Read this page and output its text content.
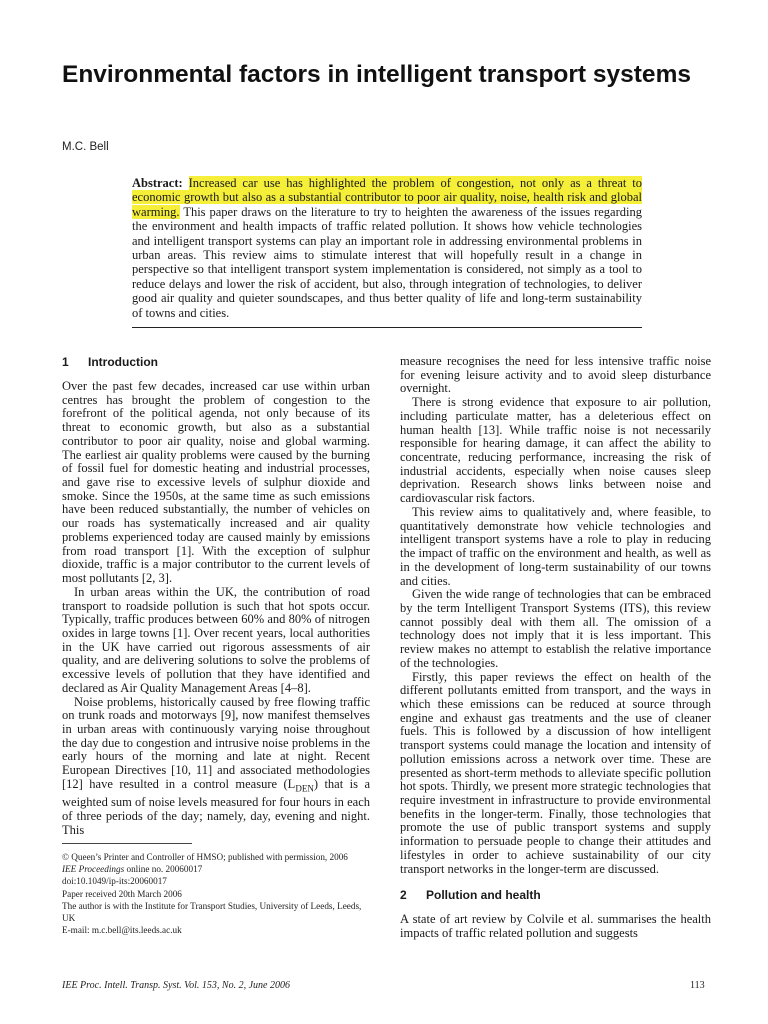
Environmental factors in intelligent transport systems
M.C. Bell

Abstract: Increased car use has highlighted the problem of congestion, not only as a threat to economic growth but also as a substantial contributor to poor air quality, noise, health risk and global warming. This paper draws on the literature to try to heighten the awareness of the issues regarding the environment and health impacts of traffic related pollution. It shows how vehicle technologies and intelligent transport systems can play an important role in addressing environmental problems in urban areas. This review aims to stimulate interest that will hopefully result in a change in perspective so that intelligent transport system implementation is considered, not simply as a tool to reduce delays and lower the risk of accident, but also, through integration of technologies, to deliver good air quality and quieter soundscapes, and thus better quality of life and long-term sustainability of towns and cities.

1 Introduction

Over the past few decades, increased car use within urban centres has brought the problem of congestion to the forefront of the political agenda, not only because of its threat to economic growth, but also as a substantial contributor to poor air quality, noise and global warming. The earliest air quality problems were caused by the burning of fossil fuel for domestic heating and industrial processes, and gave rise to excessive levels of sulphur dioxide and smoke. Since the 1950s, at the same time as such emissions have been reduced substantially, the number of vehicles on our roads has systematically increased and air quality problems experienced today are caused mainly by emissions from road transport [1]. With the exception of sulphur dioxide, traffic is a major contributor to the current levels of most pollutants [2, 3].

In urban areas within the UK, the contribution of road transport to roadside pollution is such that hot spots occur. Typically, traffic produces between 60% and 80% of nitrogen oxides in large towns [1]. Over recent years, local authorities in the UK have carried out rigorous assessments of air quality, and are delivering solutions to solve the problems of excessive levels of pollution that they have identified and declared as Air Quality Management Areas [4–8].

Noise problems, historically caused by free flowing traffic on trunk roads and motorways [9], now manifest themselves in urban areas with continuously varying noise throughout the day due to congestion and intrusive noise problems in the early hours of the morning and late at night. Recent European Directives [10, 11] and associated methodologies [12] have resulted in a control measure $(L_{DEN})$ that is a weighted sum of noise levels measured for four hours in each of three periods of the day; namely, day, evening and night. This

© Queen’s Printer and Controller of HMSO; published with permission, 2006
IEE Proceedings online no. 20060017
doi:10.1049/ip-its:20060017
Paper received 20th March 2006
The author is with the Institute for Transport Studies, University of Leeds, Leeds, UK
E-mail: m.c.bell@its.leeds.ac.uk

measure recognises the need for less intensive traffic noise for evening leisure activity and to avoid sleep disturbance overnight.

There is strong evidence that exposure to air pollution, including particulate matter, has a deleterious effect on human health [13]. While traffic noise is not necessarily responsible for hearing damage, it can affect the ability to concentrate, reducing performance, increasing the risk of industrial accidents, especially when noise causes sleep deprivation. Research shows links between noise and cardiovascular risk factors.

This review aims to qualitatively and, where feasible, to quantitatively demonstrate how vehicle technologies and intelligent transport systems have a role to play in reducing the impact of traffic on the environment and health, as well as in the development of long-term sustainability of our towns and cities.

Given the wide range of technologies that can be embraced by the term Intelligent Transport Systems (ITS), this review cannot possibly deal with them all. The omission of a technology does not imply that it is less important. This review makes no attempt to establish the relative importance of the technologies.

Firstly, this paper reviews the effect on health of the different pollutants emitted from transport, and the ways in which these emissions can be reduced at source through engine and exhaust gas treatments and the use of cleaner fuels. This is followed by a discussion of how intelligent transport systems could manage the location and intensity of pollution emissions across a network over time. These are presented as short-term methods to alleviate specific pollution hot spots. Thirdly, we present more strategic technologies that require investment in infrastructure to provide environmental benefits in the longer-term. Finally, those technologies that promote the use of public transport systems and supply information to persuade people to change their attitudes and lifestyles in order to achieve sustainability of our city transport networks in the longer-term are discussed.

2 Pollution and health

A state of art review by Colvile et al. summarises the health impacts of traffic related pollution and suggests

IEE Proc. Intell. Transp. Syst. Vol. 153, No. 2, June 2006	113
